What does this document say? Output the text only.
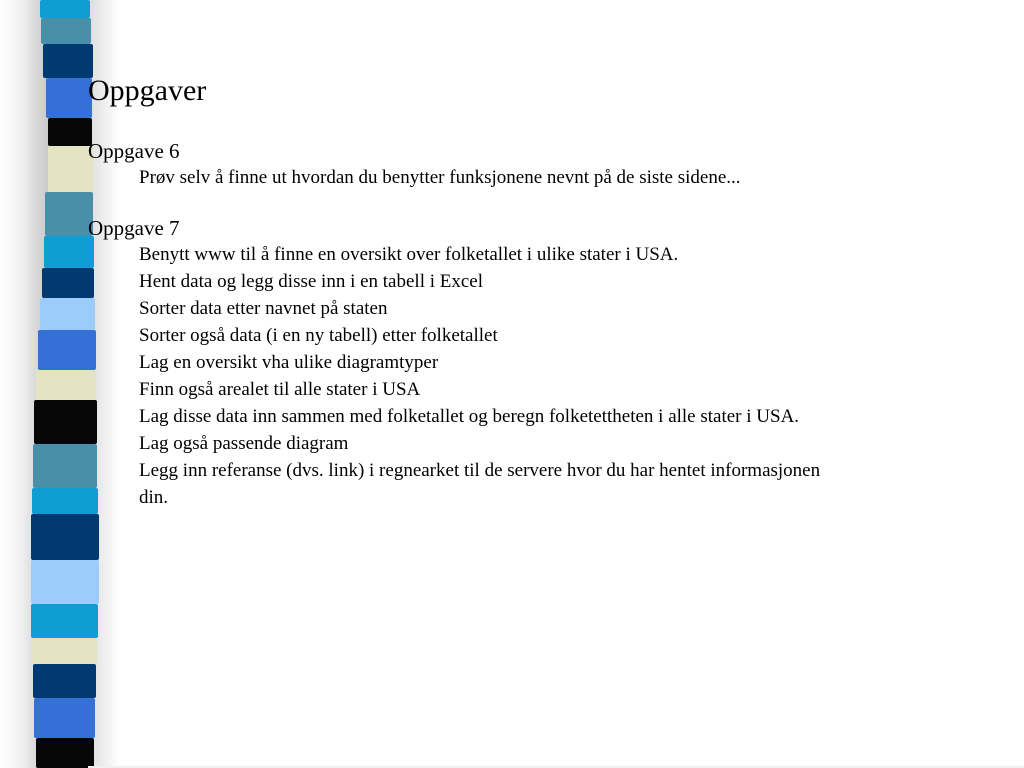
Oppgaver
Oppgave 6
Prøv selv å finne ut hvordan du benytter funksjonene nevnt på de siste sidene...
Oppgave 7
Benytt www til å finne en oversikt over folketallet i ulike stater i USA.
Hent data og legg disse inn i en tabell i Excel
Sorter data etter navnet på staten
Sorter også data (i en ny tabell) etter folketallet
Lag en oversikt vha ulike diagramtyper
Finn også arealet til alle stater i USA
Lag disse data inn sammen med folketallet og beregn folketettheten i alle stater i USA.
Lag også passende diagram
Legg inn referanse (dvs. link) i regnearket til de servere hvor du har hentet informasjonen din.
